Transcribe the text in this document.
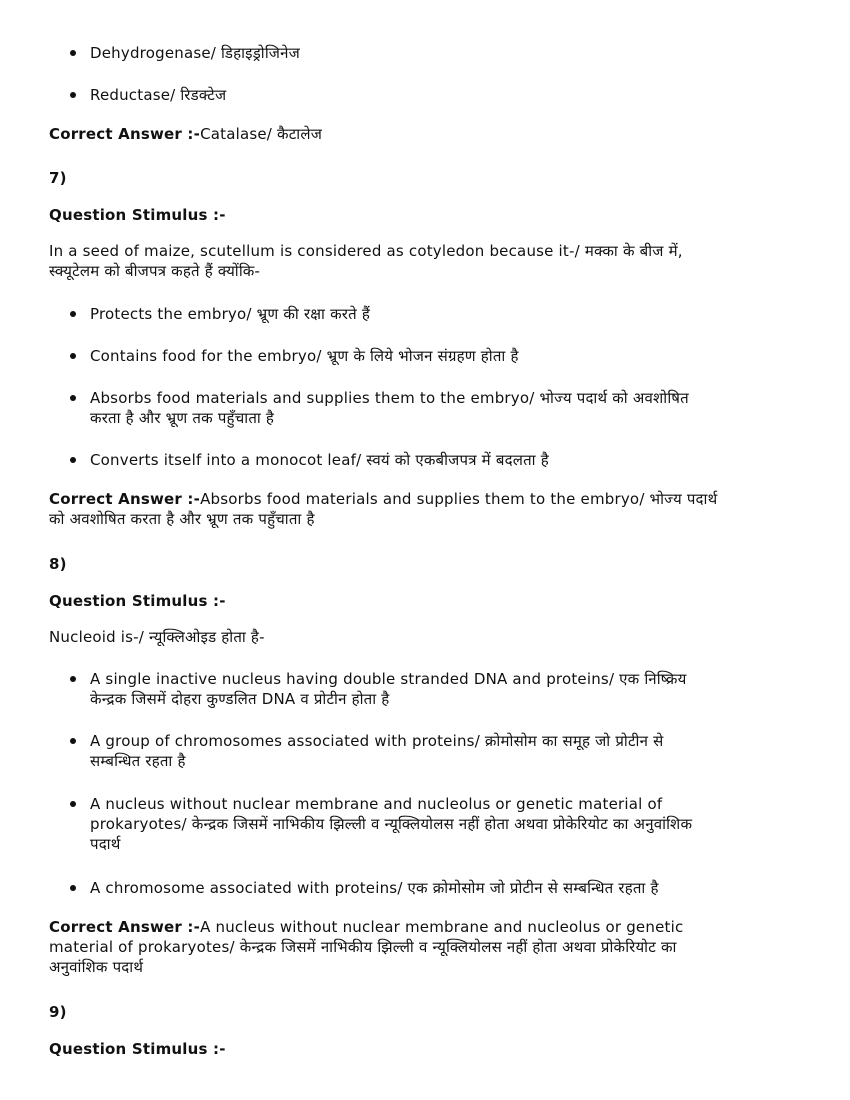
Dehydrogenase/ डिहाइड्रोजिनेज
Reductase/ रिडक्टेज
Correct Answer :-Catalase/ कैटालेज
7)
Question Stimulus :-
In a seed of maize, scutellum is considered as cotyledon because it-/ मक्का के बीज में,
स्क्यूटेलम को बीजपत्र कहते हैं क्योंकि-
Protects the embryo/ भ्रूण की रक्षा करते हैं
Contains food for the embryo/ भ्रूण के लिये भोजन संग्रहण होता है
Absorbs food materials and supplies them to the embryo/ भोज्य पदार्थ को अवशोषित
करता है और भ्रूण तक पहुँचाता है
Converts itself into a monocot leaf/ स्वयं को एकबीजपत्र में बदलता है
Correct Answer :-Absorbs food materials and supplies them to the embryo/ भोज्य पदार्थ
को अवशोषित करता है और भ्रूण तक पहुँचाता है
8)
Question Stimulus :-
Nucleoid is-/ न्यूक्लिओइड होता है-
A single inactive nucleus having double stranded DNA and proteins/ एक निष्क्रिय
केन्द्रक जिसमें दोहरा कुण्डलित DNA व प्रोटीन होता है
A group of chromosomes associated with proteins/ क्रोमोसोम का समूह जो प्रोटीन से
सम्बन्धित रहता है
A nucleus without nuclear membrane and nucleolus or genetic material of
prokaryotes/ केन्द्रक जिसमें नाभिकीय झिल्ली व न्यूक्लियोलस नहीं होता अथवा प्रोकेरियोट का अनुवांशिक
पदार्थ
A chromosome associated with proteins/ एक क्रोमोसोम जो प्रोटीन से सम्बन्धित रहता है
Correct Answer :-A nucleus without nuclear membrane and nucleolus or genetic
material of prokaryotes/ केन्द्रक जिसमें नाभिकीय झिल्ली व न्यूक्लियोलस नहीं होता अथवा प्रोकेरियोट का
अनुवांशिक पदार्थ
9)
Question Stimulus :-
